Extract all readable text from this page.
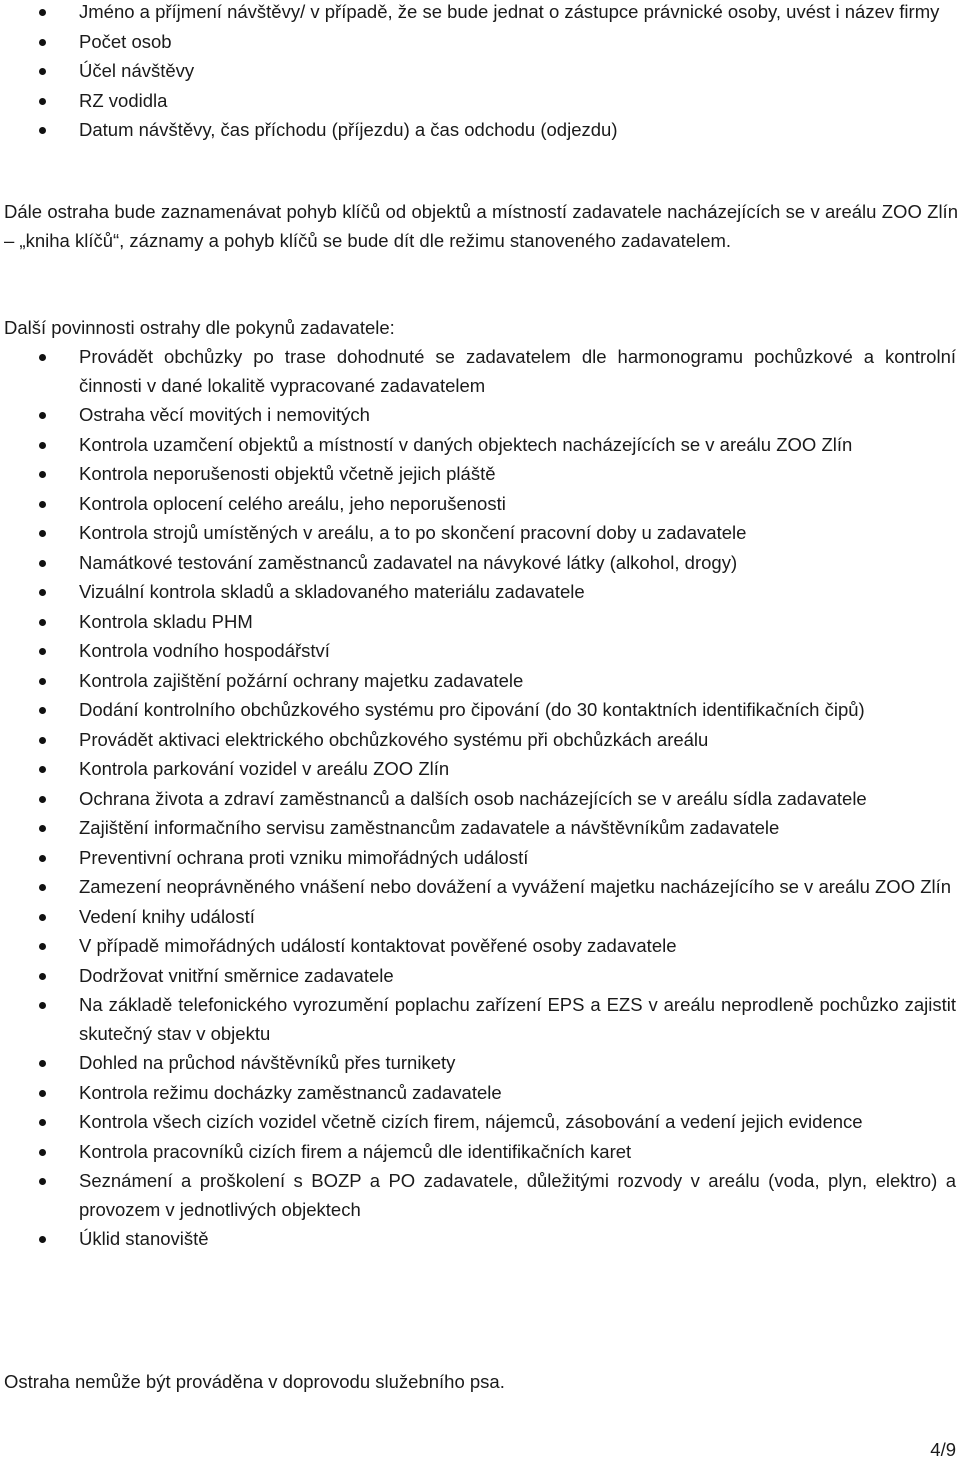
Jméno a příjmení návštěvy/ v případě, že se bude jednat o zástupce právnické osoby, uvést i název firmy
Počet osob
Účel návštěvy
RZ vodidla
Datum návštěvy, čas příchodu (příjezdu) a čas odchodu (odjezdu)

Dále ostraha bude zaznamenávat pohyb klíčů od objektů a místností zadavatele nacházejících se v areálu ZOO Zlín – „kniha klíčů“, záznamy a pohyb klíčů se bude dít dle režimu stanoveného zadavatelem.

Další povinnosti ostrahy dle pokynů zadavatele:

Provádět obchůzky po trase dohodnuté se zadavatelem dle harmonogramu pochůzkové a kontrolní činnosti v dané lokalitě vypracované zadavatelem
Ostraha věcí movitých i nemovitých
Kontrola uzamčení objektů a místností v daných objektech nacházejících se v areálu ZOO Zlín
Kontrola neporušenosti objektů včetně jejich pláště
Kontrola oplocení celého areálu, jeho neporušenosti
Kontrola strojů umístěných v areálu, a to po skončení pracovní doby u zadavatele
Namátkové testování zaměstnanců zadavatel na návykové látky (alkohol, drogy)
Vizuální kontrola skladů a skladovaného materiálu zadavatele
Kontrola skladu PHM
Kontrola vodního hospodářství
Kontrola zajištění požární ochrany majetku zadavatele
Dodání kontrolního obchůzkového systému pro čipování (do 30 kontaktních identifikačních čipů)
Provádět aktivaci elektrického obchůzkového systému při obchůzkách areálu
Kontrola parkování vozidel v areálu ZOO Zlín
Ochrana života a zdraví zaměstnanců a dalších osob nacházejících se v areálu sídla zadavatele
Zajištění informačního servisu zaměstnancům zadavatele a návštěvníkům zadavatele
Preventivní ochrana proti vzniku mimořádných událostí
Zamezení neoprávněného vnášení nebo dovážení a vyvážení majetku nacházejícího se v areálu ZOO Zlín
Vedení knihy událostí
V případě mimořádných událostí kontaktovat pověřené osoby zadavatele
Dodržovat vnitřní směrnice zadavatele
Na základě telefonického vyrozumění poplachu zařízení EPS a EZS v areálu neprodleně pochůzko zajistit skutečný stav v objektu
Dohled na průchod návštěvníků přes turnikety
Kontrola režimu docházky zaměstnanců zadavatele
Kontrola všech cizích vozidel včetně cizích firem, nájemců, zásobování a vedení jejich evidence
Kontrola pracovníků cizích firem a nájemců dle identifikačních karet
Seznámení a proškolení s BOZP a PO zadavatele, důležitými rozvody v areálu (voda, plyn, elektro) a provozem v jednotlivých objektech
Úklid stanoviště

Ostraha nemůže být prováděna v doprovodu služebního psa.

4/9
